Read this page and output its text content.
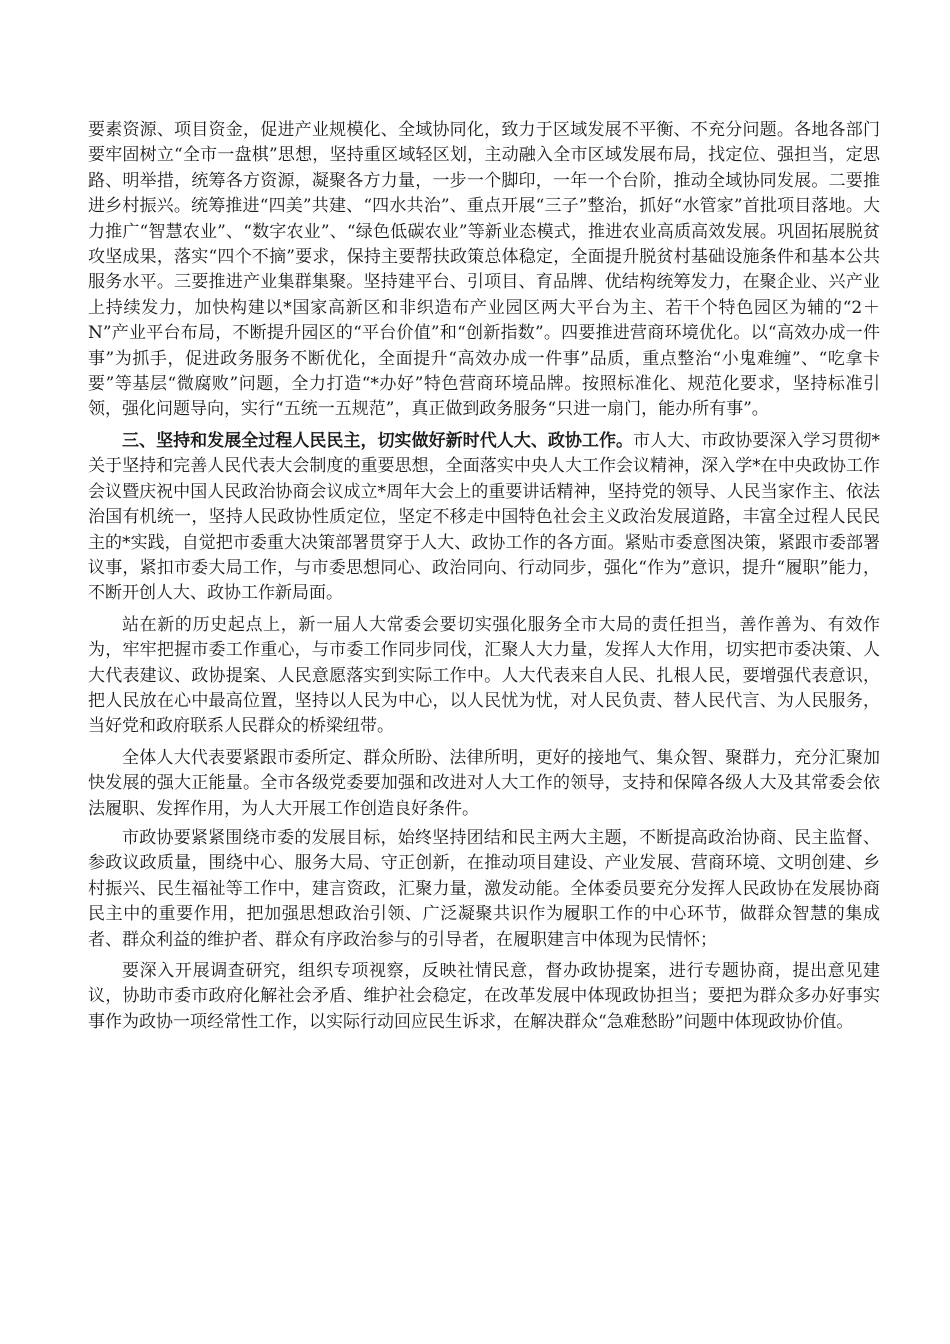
要素资源、项目资金，促进产业规模化、全域协同化，致力于区域发展不平衡、不充分问题。各地各部门要牢固树立“全市一盘棋”思想，坚持重区域轻区划，主动融入全市区域发展布局，找定位、强担当，定思路、明举措，统筹各方资源，凝聚各方力量，一步一个脚印，一年一个台阶，推动全域协同发展。二要推进乡村振兴。统筹推进“四美”共建、“四水共治”、重点开展“三子”整治，抓好“水管家”首批项目落地。大力推广“智慧农业”、“数字农业”、“绿色低碳农业”等新业态模式，推进农业高质高效发展。巩固拓展脱贫攻坚成果，落实“四个不摘”要求，保持主要帮扶政策总体稳定，全面提升脱贫村基础设施条件和基本公共服务水平。三要推进产业集群集聚。坚持建平台、引项目、育品牌、优结构统筹发力，在聚企业、兴产业上持续发力，加快构建以*国家高新区和非织造布产业园区两大平台为主、若干个特色园区为辅的“2＋N”产业平台布局，不断提升园区的“平台价值”和“创新指数”。四要推进营商环境优化。以“高效办成一件事”为抓手，促进政务服务不断优化，全面提升“高效办成一件事”品质，重点整治“小鬼难缠”、“吃拿卡要”等基层“微腐败”问题，全力打造“*办好”特色营商环境品牌。按照标准化、规范化要求，坚持标准引领，强化问题导向，实行“五统一五规范”，真正做到政务服务“只进一扇门，能办所有事”。

三、坚持和发展全过程人民民主，切实做好新时代人大、政协工作。市人大、市政协要深入学习贯彻*关于坚持和完善人民代表大会制度的重要思想，全面落实中央人大工作会议精神，深入学*在中央政协工作会议暨庆祝中国人民政治协商会议成立*周年大会上的重要讲话精神，坚持党的领导、人民当家作主、依法治国有机统一，坚持人民政协性质定位，坚定不移走中国特色社会主义政治发展道路，丰富全过程人民民主的*实践，自觉把市委重大决策部署贯穿于人大、政协工作的各方面。紧贴市委意图决策，紧跟市委部署议事，紧扣市委大局工作，与市委思想同心、政治同向、行动同步，强化“作为”意识，提升“履职”能力，不断开创人大、政协工作新局面。

站在新的历史起点上，新一届人大常委会要切实强化服务全市大局的责任担当，善作善为、有效作为，牢牢把握市委工作重心，与市委工作同步同伐，汇聚人大力量，发挥人大作用，切实把市委决策、人大代表建议、政协提案、人民意愿落实到实际工作中。人大代表来自人民、扎根人民，要增强代表意识，把人民放在心中最高位置，坚持以人民为中心，以人民忧为忧，对人民负责、替人民代言、为人民服务，当好党和政府联系人民群众的桥梁纽带。

全体人大代表要紧跟市委所定、群众所盼、法律所明，更好的接地气、集众智、聚群力，充分汇聚加快发展的强大正能量。全市各级党委要加强和改进对人大工作的领导，支持和保障各级人大及其常委会依法履职、发挥作用，为人大开展工作创造良好条件。

市政协要紧紧围绕市委的发展目标，始终坚持团结和民主两大主题，不断提高政治协商、民主监督、参政议政质量，围绕中心、服务大局、守正创新，在推动项目建设、产业发展、营商环境、文明创建、乡村振兴、民生福祉等工作中，建言资政，汇聚力量，激发动能。全体委员要充分发挥人民政协在发展协商民主中的重要作用，把加强思想政治引领、广泛凝聚共识作为履职工作的中心环节，做群众智慧的集成者、群众利益的维护者、群众有序政治参与的引导者，在履职建言中体现为民情怀；

要深入开展调查研究，组织专项视察，反映社情民意，督办政协提案，进行专题协商，提出意见建议，协助市委市政府化解社会矛盾、维护社会稳定，在改革发展中体现政协担当；要把为群众多办好事实事作为政协一项经常性工作，以实际行动回应民生诉求，在解决群众“急难愁盼”问题中体现政协价值。
